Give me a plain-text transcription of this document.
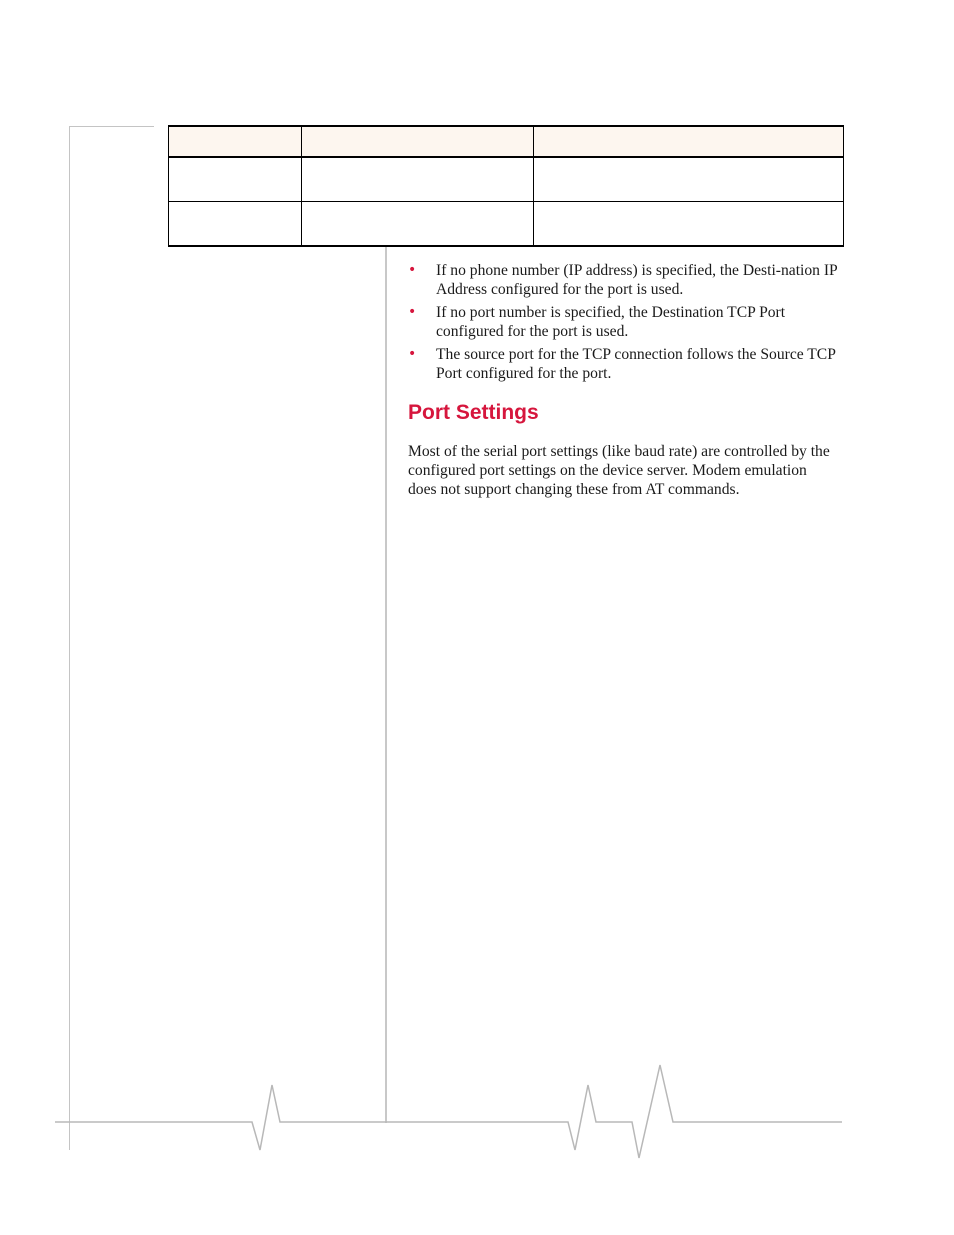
• If no phone number (IP address) is specified, the Desti-nation IP Address configured for the port is used.
• If no port number is specified, the Destination TCP Port configured for the port is used.
• The source port for the TCP connection follows the Source TCP Port configured for the port.
Port Settings

Most of the serial port settings (like baud rate) are controlled by the configured port settings on the device server. Modem emulation does not support changing these from AT commands.
